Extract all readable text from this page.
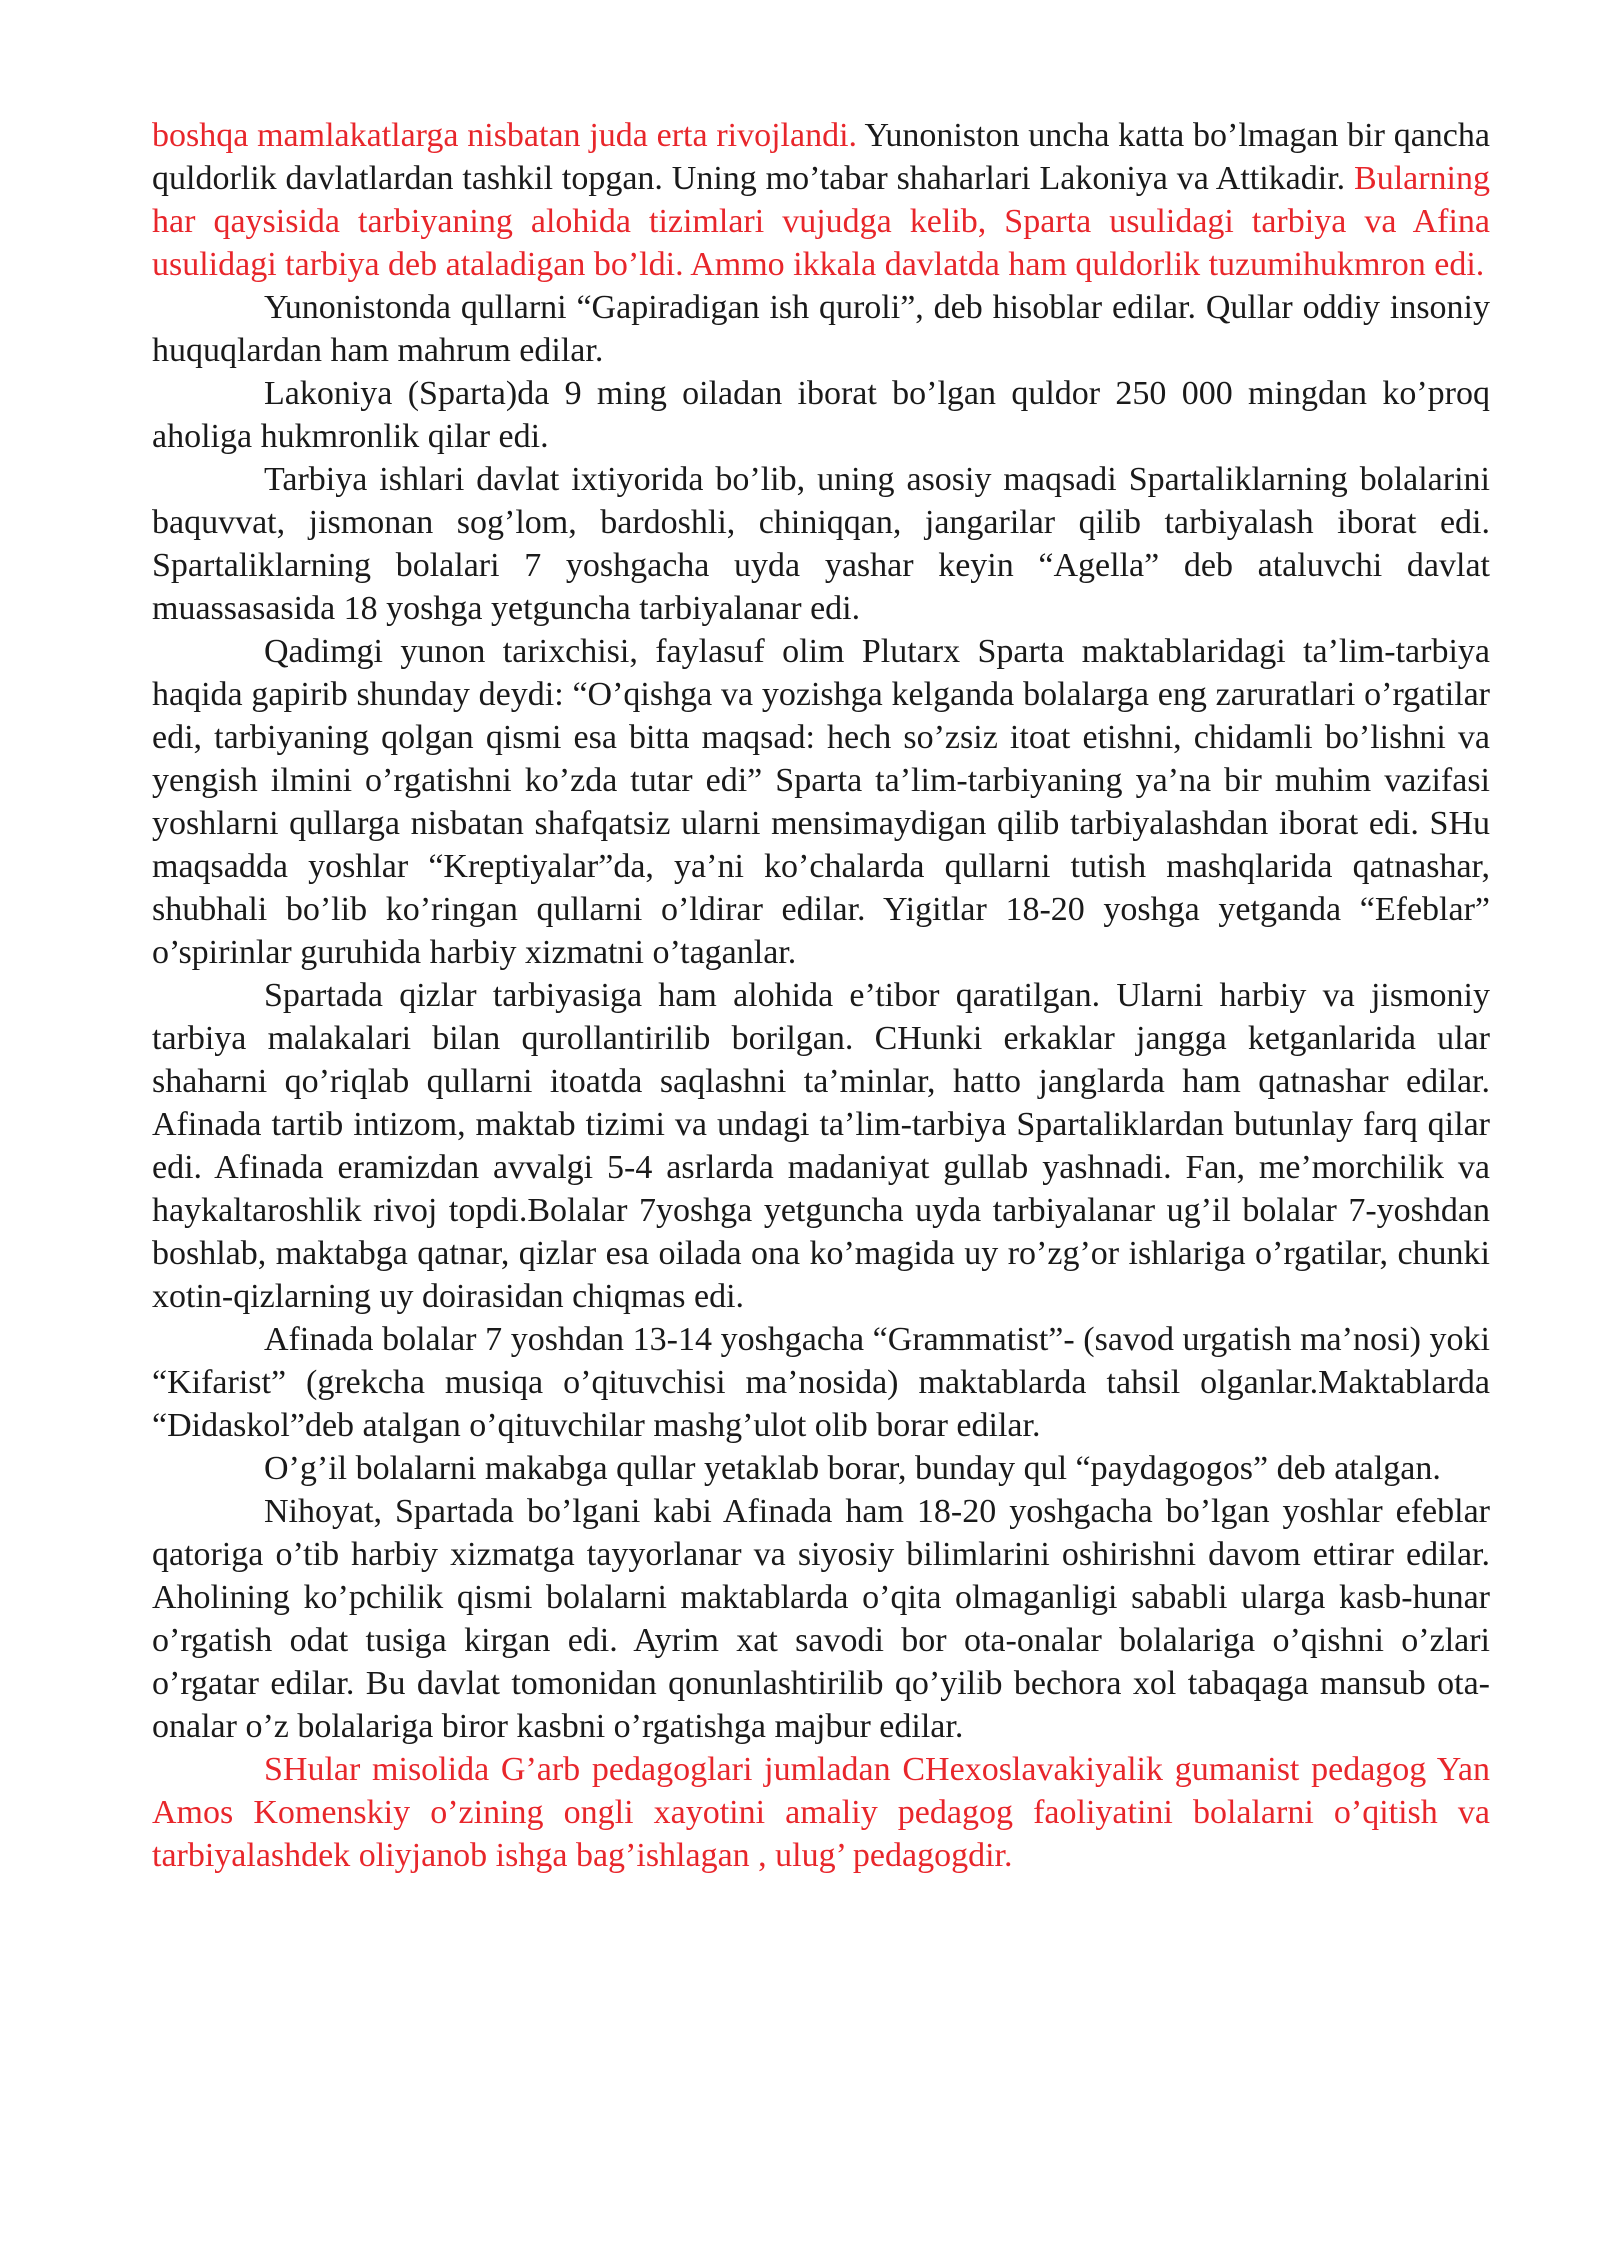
boshqa mamlakatlarga nisbatan juda erta rivojlandi. Yunoniston uncha katta bo’lmagan bir qancha quldorlik davlatlardan tashkil topgan. Uning mo’tabar shaharlari Lakoniya va Attikadir. Bularning har qaysisida tarbiyaning alohida tizimlari vujudga kelib, Sparta usulidagi tarbiya va Afina usulidagi tarbiya deb ataladigan bo’ldi. Ammo ikkala davlatda ham quldorlik tuzumihukmron edi.

Yunonistonda qullarni “Gapiradigan ish quroli”, deb hisoblar edilar. Qullar oddiy insoniy huquqlardan ham mahrum edilar.

Lakoniya (Sparta)da 9 ming oiladan iborat bo’lgan quldor 250 000 mingdan ko’proq aholiga hukmronlik qilar edi.

Tarbiya ishlari davlat ixtiyorida bo’lib, uning asosiy maqsadi Spartaliklarning bolalarini baquvvat, jismonan sog’lom, bardoshli, chiniqqan, jangarilar qilib tarbiyalash iborat edi. Spartaliklarning bolalari 7 yoshgacha uyda yashar keyin “Agella” deb ataluvchi davlat muassasasida 18 yoshga yetguncha tarbiyalanar edi.

Qadimgi yunon tarixchisi, faylasuf olim Plutarx Sparta maktablaridagi ta’lim-tarbiya haqida gapirib shunday deydi: “O’qishga va yozishga kelganda bolalarga eng zaruratlari o’rgatilar edi, tarbiyaning qolgan qismi esa bitta maqsad: hech so’zsiz itoat etishni, chidamli bo’lishni va yengish ilmini o’rgatishni ko’zda tutar edi” Sparta ta’lim-tarbiyaning ya’na bir muhim vazifasi yoshlarni qullarga nisbatan shafqatsiz ularni mensimaydigan qilib tarbiyalashdan iborat edi. SHu maqsadda yoshlar “Kreptiyalar”da, ya’ni ko’chalarda qullarni tutish mashqlarida qatnashar, shubhali bo’lib ko’ringan qullarni o’ldirar edilar. Yigitlar 18-20 yoshga yetganda “Efeblar” o’spirinlar guruhida harbiy xizmatni o’taganlar.

Spartada qizlar tarbiyasiga ham alohida e’tibor qaratilgan. Ularni harbiy va jismoniy tarbiya malakalari bilan qurollantirilib borilgan. CHunki erkaklar jangga ketganlarida ular shaharni qo’riqlab qullarni itoatda saqlashni ta’minlar, hatto janglarda ham qatnashar edilar. Afinada tartib intizom, maktab tizimi va undagi ta’lim-tarbiya Spartaliklardan butunlay farq qilar edi. Afinada eramizdan avvalgi 5-4 asrlarda madaniyat gullab yashnadi. Fan, me’morchilik va haykaltaroshlik rivoj topdi.Bolalar 7yoshga yetguncha uyda tarbiyalanar ug’il bolalar 7-yoshdan boshlab, maktabga qatnar, qizlar esa oilada ona ko’magida uy ro’zg’or ishlariga o’rgatilar, chunki xotin-qizlarning uy doirasidan chiqmas edi.

Afinada bolalar 7 yoshdan 13-14 yoshgacha “Grammatist”- (savod urgatish ma’nosi) yoki “Kifarist” (grekcha musiqa o’qituvchisi ma’nosida) maktablarda tahsil olganlar.Maktablarda “Didaskol”deb atalgan o’qituvchilar mashg’ulot olib borar edilar.

O’g’il bolalarni makabga qullar yetaklab borar, bunday qul “paydagogos” deb atalgan.

Nihoyat, Spartada bo’lgani kabi Afinada ham 18-20 yoshgacha bo’lgan yoshlar efeblar qatoriga o’tib harbiy xizmatga tayyorlanar va siyosiy bilimlarini oshirishni davom ettirar edilar. Aholining ko’pchilik qismi bolalarni maktablarda o’qita olmaganligi sababli ularga kasb-hunar o’rgatish odat tusiga kirgan edi. Ayrim xat savodi bor ota-onalar bolalariga o’qishni o’zlari o’rgatar edilar. Bu davlat tomonidan qonunlashtirilib qo’yilib bechora xol tabaqaga mansub ota-onalar o’z bolalariga biror kasbni o’rgatishga majbur edilar.

SHular misolida G’arb pedagoglari jumladan CHexoslavakiyalik gumanist pedagog Yan Amos Komenskiy o’zining ongli xayotini amaliy pedagog faoliyatini bolalarni o’qitish va tarbiyalashdek oliyjanob ishga bag’ishlagan , ulug’ pedagogdir.
